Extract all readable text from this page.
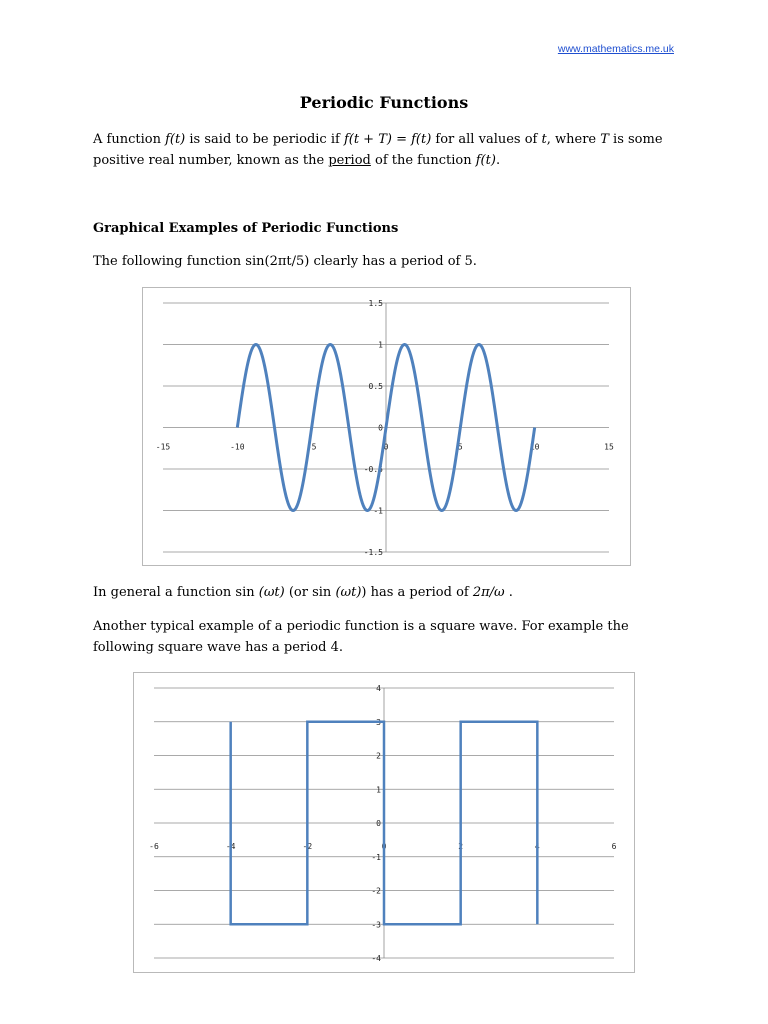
www.mathematics.me.uk
Periodic Functions
A function f(t) is said to be periodic if f(t + T) = f(t) for all values of t, where T is some positive real number, known as the period of the function f(t).
Graphical Examples of Periodic Functions
The following function sin(2πt/5) clearly has a period of 5.
1.5
1
0.5
0
-0.5
-1
-1.5
-15	-10	-5	0	5	10	15
In general a function sin (ωt) (or sin (ωt)) has a period of 2π/ω .
Another typical example of a periodic function is a square wave. For example the following square wave has a period 4.
4
3
2
1
0
-1
-2
-3
-4
-6	-4	-2	0	2	4	6
